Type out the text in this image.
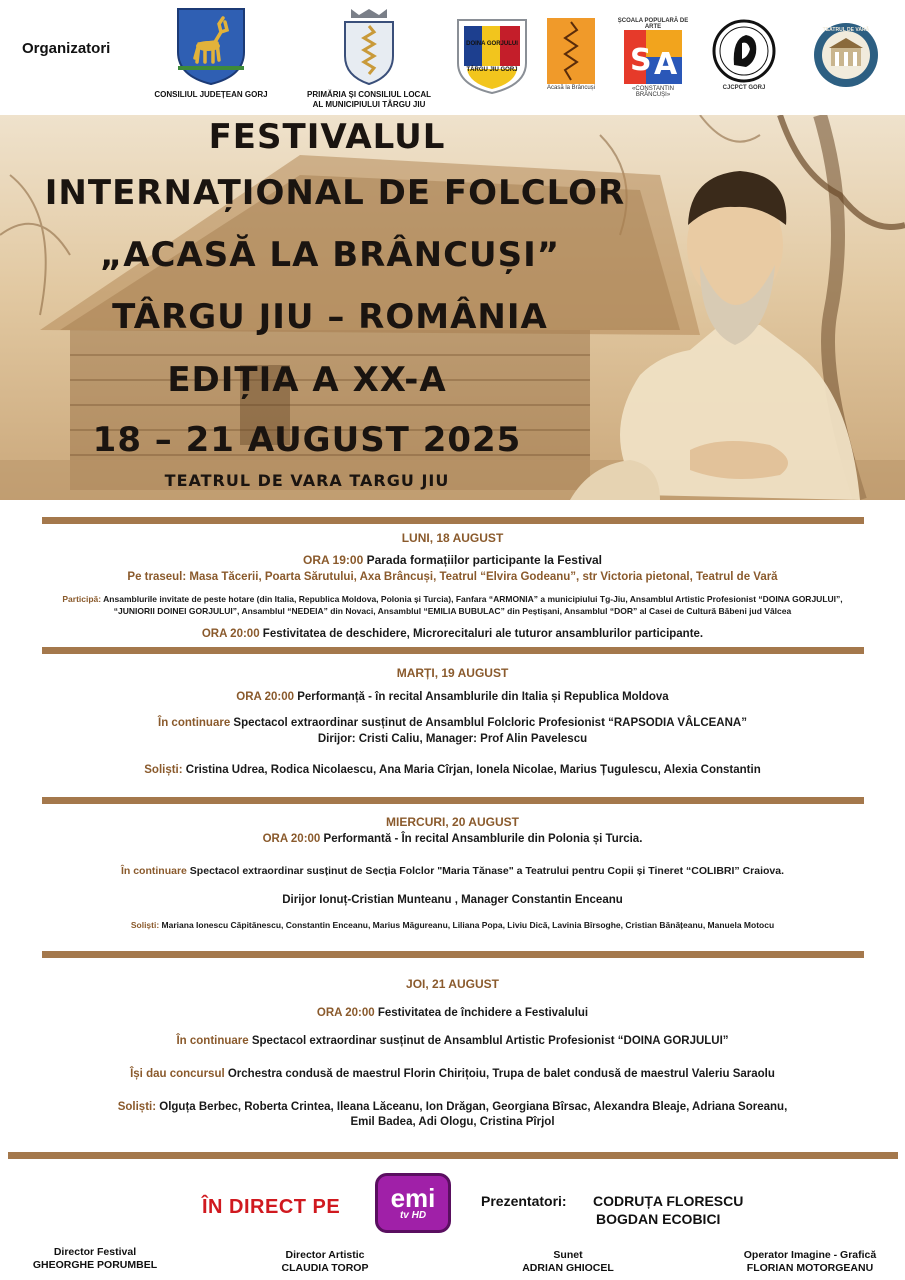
Organizatori
CONSILIUL JUDEȚEAN GORJ	PRIMĂRIA ȘI CONSILIUL LOCAL
AL MUNICIPIULUI TÂRGU JIU
DOINA GORJULUI
TÂRGU JIU GORJ
Acasă la Brâncuși
ȘCOALA POPULARĂ DE ARTE
S A
«CONSTANTIN BRÂNCUȘI»
CJCPCT GORJ
TEATRUL DE VARĂ
FESTIVALUL
INTERNAȚIONAL DE FOLCLOR
„ACASĂ LA BRÂNCUȘI”
TÂRGU JIU – ROMÂNIA
EDIȚIA A XX-A
18 – 21 AUGUST 2025
TEATRUL DE VARA TARGU JIU
LUNI, 18 AUGUST
ORA 19:00 Parada formațiilor participante la Festival
Pe traseul: Masa Tăcerii, Poarta Sărutului, Axa Brâncuși, Teatrul “Elvira Godeanu”, str Victoria pietonal, Teatrul de Vară
Participă: Ansamblurile invitate de peste hotare (din Italia, Republica Moldova, Polonia și Turcia), Fanfara “ARMONIA” a municipiului Tg-Jiu, Ansamblul Artistic Profesionist “DOINA GORJULUI”,
“JUNIORII DOINEI GORJULUI”, Ansamblul “NEDEIA” din Novaci, Ansamblul “EMILIA BUBULAC” din Peștișani, Ansamblul “DOR” al Casei de Cultură Băbeni jud Vâlcea
ORA 20:00 Festivitatea de deschidere, Microrecitaluri ale tuturor ansamblurilor participante.
MARȚI, 19 AUGUST
ORA 20:00 Performanță - în recital Ansamblurile din Italia și Republica Moldova
În continuare Spectacol extraordinar susținut de Ansamblul Folcloric Profesionist “RAPSODIA VÂLCEANA”
Dirijor: Cristi Caliu, Manager: Prof Alin Pavelescu
Soliști: Cristina Udrea, Rodica Nicolaescu, Ana Maria Cîrjan, Ionela Nicolae, Marius Țugulescu, Alexia Constantin
MIERCURI, 20 AUGUST
ORA 20:00 Performantă - În recital Ansamblurile din Polonia și Turcia.
În continuare Spectacol extraordinar susținut de Secția Folclor "Maria Tănase" a Teatrului pentru Copii și Tineret “COLIBRI” Craiova.
Dirijor Ionuț-Cristian Munteanu , Manager Constantin Enceanu
Soliști: Mariana Ionescu Căpitănescu, Constantin Enceanu, Marius Măgureanu, Liliana Popa, Liviu Dică, Lavinia Bîrsoghe, Cristian Bănățeanu, Manuela Motocu
JOI, 21 AUGUST
ORA 20:00 Festivitatea de închidere a Festivalului
În continuare Spectacol extraordinar susținut de Ansamblul Artistic Profesionist “DOINA GORJULUI”
Își dau concursul Orchestra condusă de maestrul Florin Chirițoiu, Trupa de balet condusă de maestrul Valeriu Saraolu
Soliști: Olguța Berbec, Roberta Crintea, Ileana Lăceanu, Ion Drăgan, Georgiana Bîrsac, Alexandra Bleaje, Adriana Soreanu,
Emil Badea, Adi Ologu, Cristina Pîrjol
ÎN DIRECT PE emi
tv HD
Prezentatori: CODRUȚA FLORESCU
BOGDAN ECOBICI
Director Festival
GHEORGHE PORUMBEL
Director Artistic
CLAUDIA TOROP
Sunet
ADRIAN GHIOCEL
Operator Imagine - Grafică
FLORIAN MOTORGEANU
